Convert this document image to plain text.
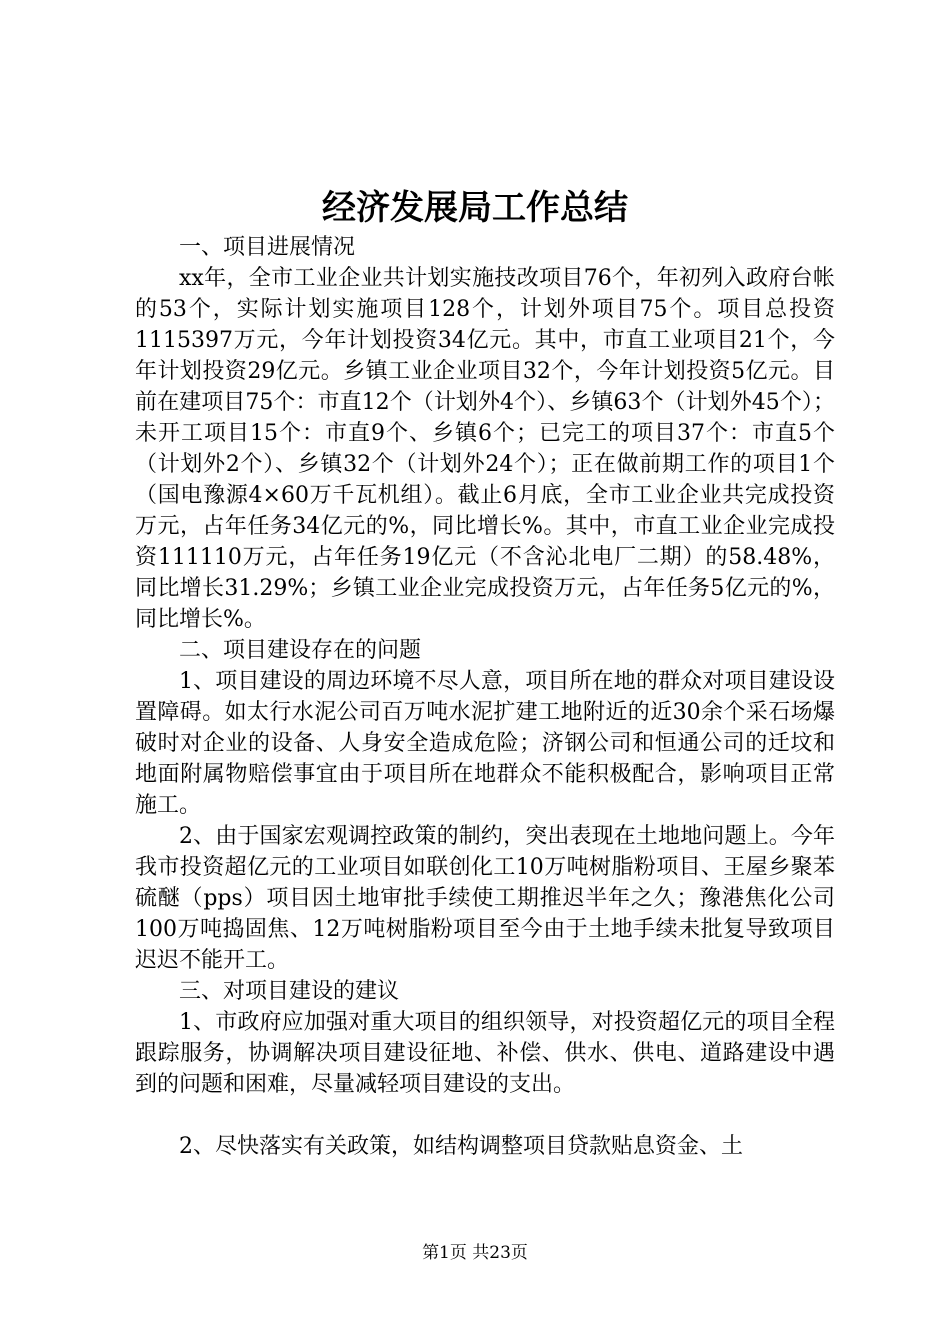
经济发展局工作总结

一、项目进展情况

xx年，全市工业企业共计划实施技改项目76个，年初列入政府台帐的53个，实际计划实施项目128个，计划外项目75个。项目总投资1115397万元，今年计划投资34亿元。其中，市直工业项目21个，今年计划投资29亿元。乡镇工业企业项目32个，今年计划投资5亿元。目前在建项目75个：市直12个（计划外4个）、乡镇63个（计划外45个）；未开工项目15个：市直9个、乡镇6个；已完工的项目37个：市直5个（计划外2个）、乡镇32个（计划外24个）；正在做前期工作的项目1个（国电豫源4×60万千瓦机组）。截止6月底，全市工业企业共完成投资万元，占年任务34亿元的%，同比增长%。其中，市直工业企业完成投资111110万元，占年任务19亿元（不含沁北电厂二期）的58.48%，同比增长31.29%；乡镇工业企业完成投资万元，占年任务5亿元的%，同比增长%。

二、项目建设存在的问题

1、项目建设的周边环境不尽人意，项目所在地的群众对项目建设设置障碍。如太行水泥公司百万吨水泥扩建工地附近的近30余个采石场爆破时对企业的设备、人身安全造成危险；济钢公司和恒通公司的迁坟和地面附属物赔偿事宜由于项目所在地群众不能积极配合，影响项目正常施工。

2、由于国家宏观调控政策的制约，突出表现在土地地问题上。今年我市投资超亿元的工业项目如联创化工10万吨树脂粉项目、王屋乡聚苯硫醚（pps）项目因土地审批手续使工期推迟半年之久；豫港焦化公司100万吨捣固焦、12万吨树脂粉项目至今由于土地手续未批复导致项目迟迟不能开工。

三、对项目建设的建议

1、市政府应加强对重大项目的组织领导，对投资超亿元的项目全程跟踪服务，协调解决项目建设征地、补偿、供水、供电、道路建设中遇到的问题和困难，尽量减轻项目建设的支出。

2、尽快落实有关政策，如结构调整项目贷款贴息资金、土

第1页 共23页
